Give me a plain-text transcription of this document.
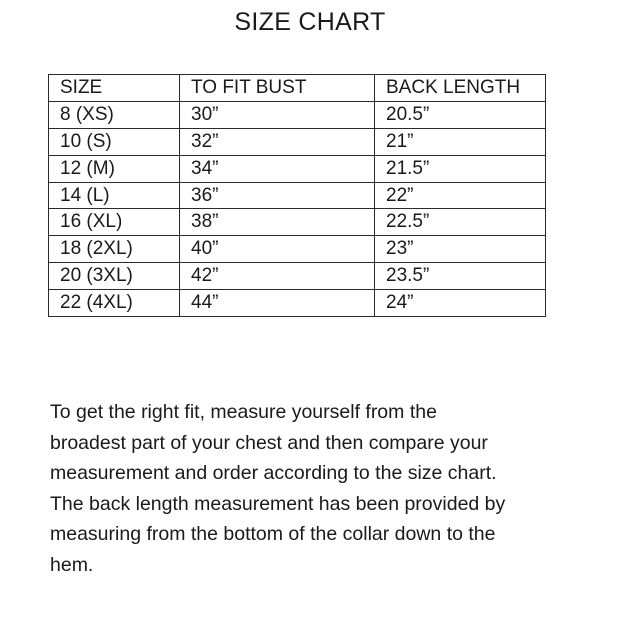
SIZE CHART
SIZE	TO FIT BUST	BACK LENGTH
8 (XS)	30”	20.5”
10 (S)	32”	21”
12 (M)	34”	21.5”
14 (L)	36”	22”
16 (XL)	38”	22.5”
18 (2XL)	40”	23”
20 (3XL)	42”	23.5”
22 (4XL)	44”	24”

To get the right fit, measure yourself from the
broadest part of your chest and then compare your
measurement and order according to the size chart.
The back length measurement has been provided by
measuring from the bottom of the collar down to the
hem.
